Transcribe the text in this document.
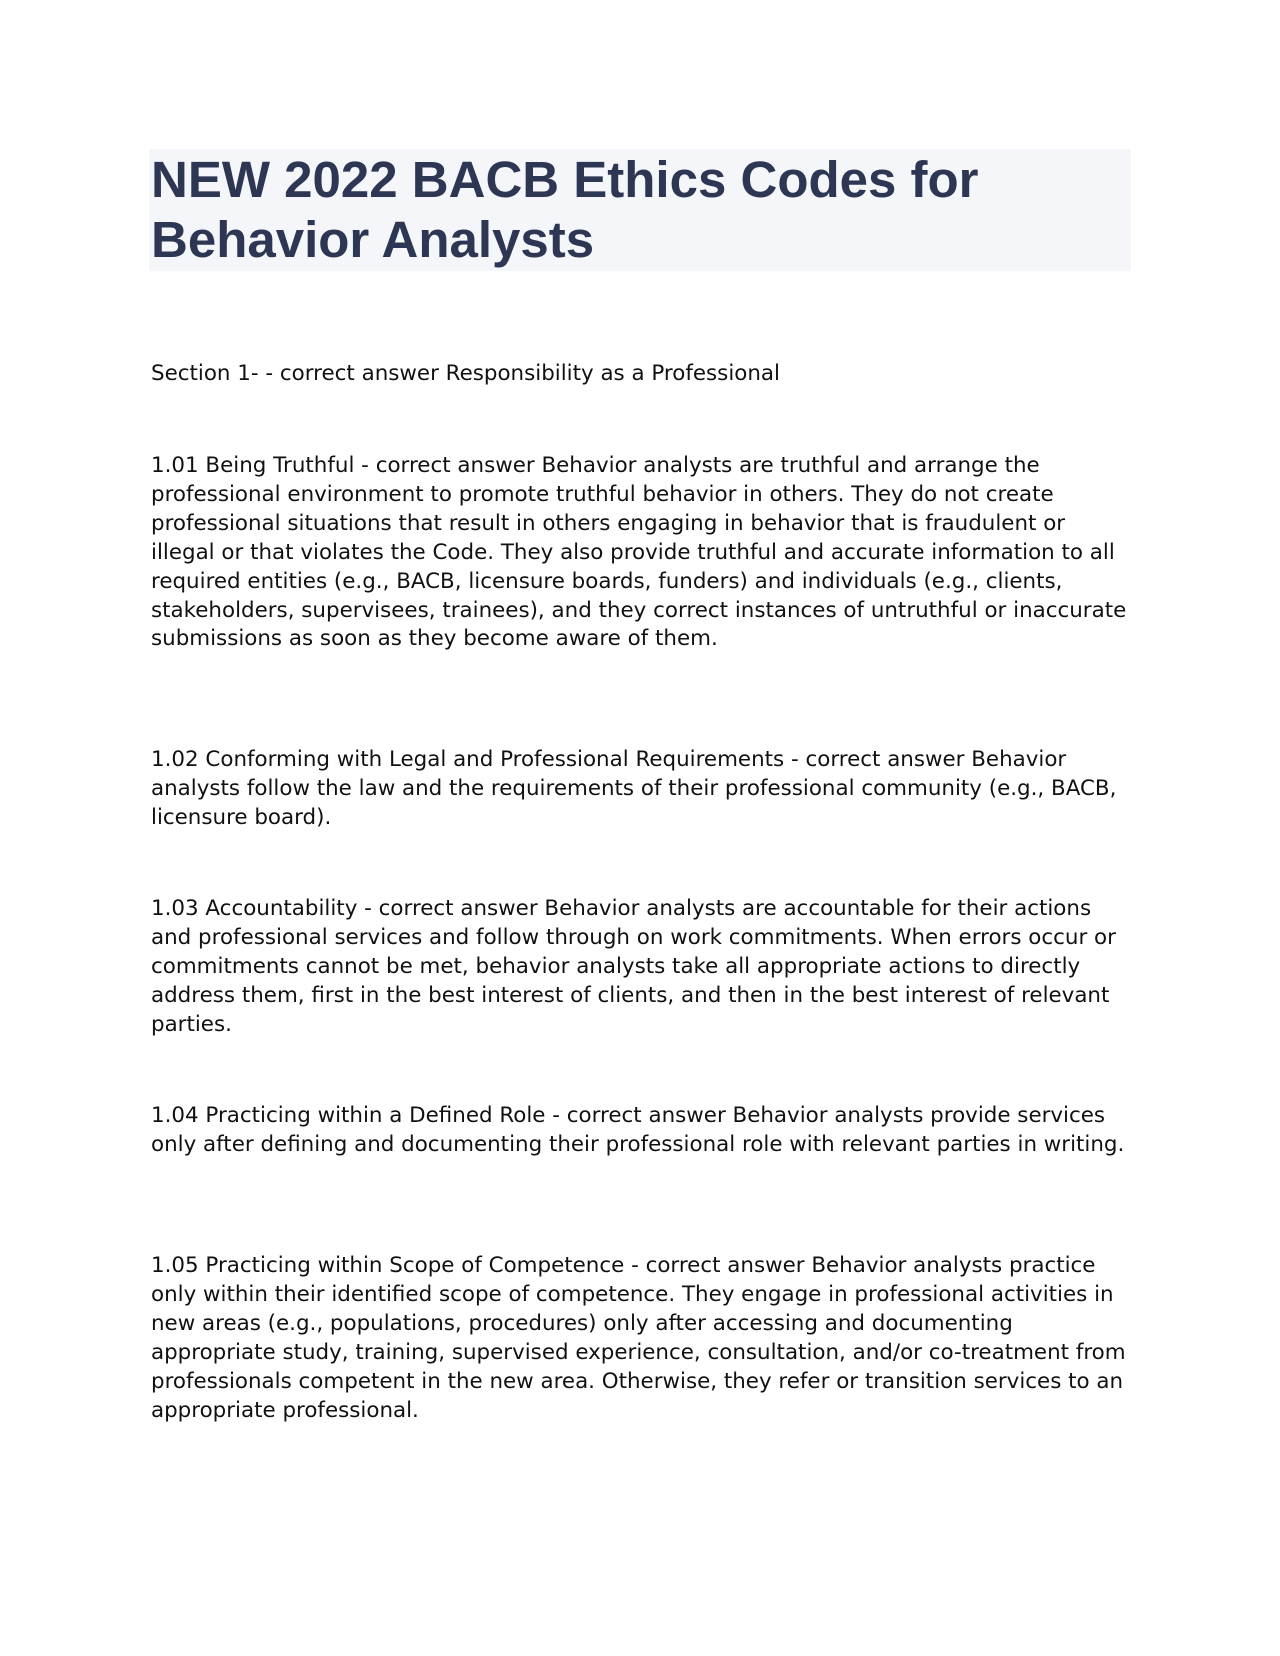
NEW 2022 BACB Ethics Codes for Behavior Analysts

Section 1- - correct answer Responsibility as a Professional

1.01 Being Truthful - correct answer Behavior analysts are truthful and arrange the professional environment to promote truthful behavior in others. They do not create professional situations that result in others engaging in behavior that is fraudulent or illegal or that violates the Code. They also provide truthful and accurate information to all required entities (e.g., BACB, licensure boards, funders) and individuals (e.g., clients, stakeholders, supervisees, trainees), and they correct instances of untruthful or inaccurate submissions as soon as they become aware of them.

1.02 Conforming with Legal and Professional Requirements - correct answer Behavior analysts follow the law and the requirements of their professional community (e.g., BACB, licensure board).

1.03 Accountability - correct answer Behavior analysts are accountable for their actions and professional services and follow through on work commitments. When errors occur or commitments cannot be met, behavior analysts take all appropriate actions to directly address them, first in the best interest of clients, and then in the best interest of relevant parties.

1.04 Practicing within a Defined Role - correct answer Behavior analysts provide services only after defining and documenting their professional role with relevant parties in writing.

1.05 Practicing within Scope of Competence - correct answer Behavior analysts practice only within their identified scope of competence. They engage in professional activities in new areas (e.g., populations, procedures) only after accessing and documenting appropriate study, training, supervised experience, consultation, and/or co-treatment from professionals competent in the new area. Otherwise, they refer or transition services to an appropriate professional.
